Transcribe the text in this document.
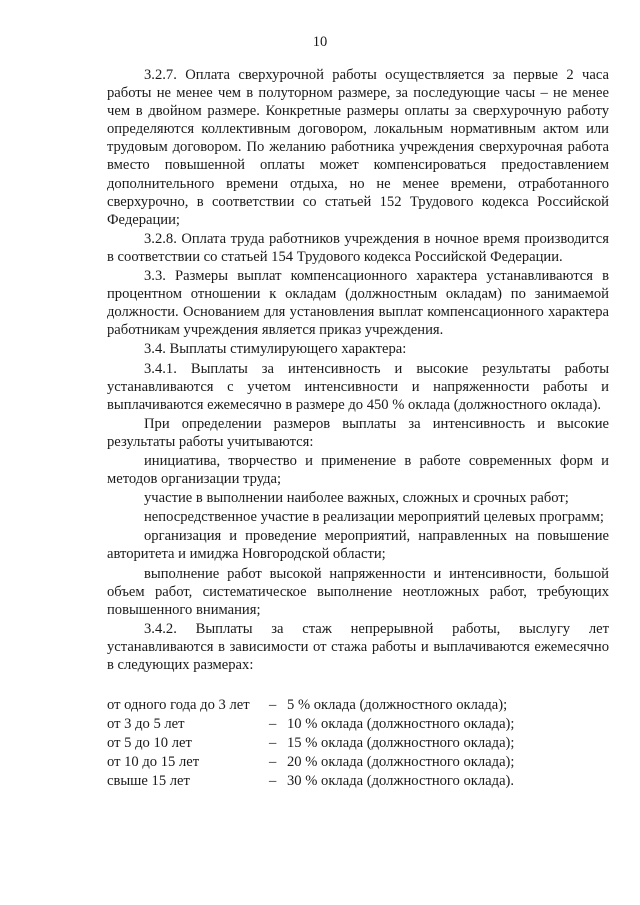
10

3.2.7. Оплата сверхурочной работы осуществляется за первые 2 часа работы не менее чем в полуторном размере, за последующие часы – не менее чем в двойном размере. Конкретные размеры оплаты за сверхурочную работу определяются коллективным договором, локальным нормативным актом или трудовым договором. По желанию работника учреждения сверхурочная работа вместо повышенной оплаты может компенсироваться предоставлением дополнительного времени отдыха, но не менее времени, отработанного сверхурочно, в соответствии со статьей 152 Трудового кодекса Российской Федерации;

3.2.8. Оплата труда работников учреждения в ночное время производится в соответствии со статьей 154 Трудового кодекса Российской Федерации.

3.3. Размеры выплат компенсационного характера устанавливаются в процентном отношении к окладам (должностным окладам) по занимаемой должности. Основанием для установления выплат компенсационного характера работникам учреждения является приказ учреждения.

3.4. Выплаты стимулирующего характера:

3.4.1. Выплаты за интенсивность и высокие результаты работы устанавливаются с учетом интенсивности и напряженности работы и выплачиваются ежемесячно в размере до 450 % оклада (должностного оклада).

При определении размеров выплаты за интенсивность и высокие результаты работы учитываются:

инициатива, творчество и применение в работе современных форм и методов организации труда;

участие в выполнении наиболее важных, сложных и срочных работ;

непосредственное участие в реализации мероприятий целевых программ;

организация и проведение мероприятий, направленных на повышение авторитета и имиджа Новгородской области;

выполнение работ высокой напряженности и интенсивности, большой объем работ, систематическое выполнение неотложных работ, требующих повышенного внимания;

3.4.2. Выплаты за стаж непрерывной работы, выслугу лет устанавливаются в зависимости от стажа работы и выплачиваются ежемесячно в следующих размерах:

от одного года до 3 лет	– 5 % оклада (должностного оклада);
от 3 до 5 лет	– 10 % оклада (должностного оклада);
от 5 до 10 лет	– 15 % оклада (должностного оклада);
от 10 до 15 лет	– 20 % оклада (должностного оклада);
свыше 15 лет	– 30 % оклада (должностного оклада).
